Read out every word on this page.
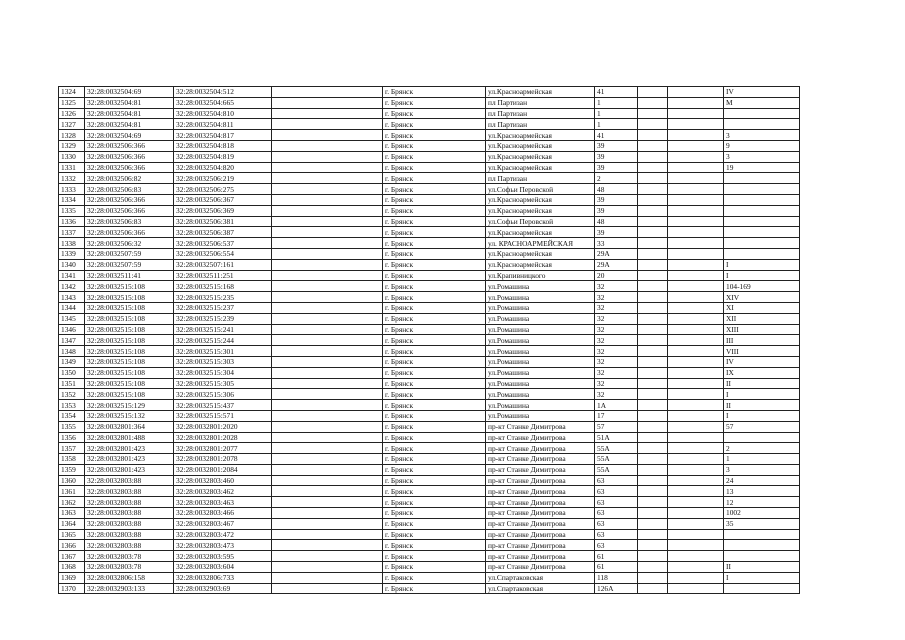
1324	32:28:0032504:69	32:28:0032504:512		г. Брянск	ул.Красноармейская	41			IV
1325	32:28:0032504:81	32:28:0032504:665		г. Брянск	пл Партизан	1			М
1326	32:28:0032504:81	32:28:0032504:810		г. Брянск	пл Партизан	1			
1327	32:28:0032504:81	32:28:0032504:811		г. Брянск	пл Партизан	1			
1328	32:28:0032504:69	32:28:0032504:817		г. Брянск	ул.Красноармейская	41			3
1329	32:28:0032506:366	32:28:0032504:818		г. Брянск	ул.Красноармейская	39			9
1330	32:28:0032506:366	32:28:0032504:819		г. Брянск	ул.Красноармейская	39			3
1331	32:28:0032506:366	32:28:0032504:820		г. Брянск	ул.Красноармейская	39			19
1332	32:28:0032506:82	32:28:0032506:219		г. Брянск	пл Партизан	2			
1333	32:28:0032506:83	32:28:0032506:275		г. Брянск	ул.Софьи Перовской	48			
1334	32:28:0032506:366	32:28:0032506:367		г. Брянск	ул.Красноармейская	39			
1335	32:28:0032506:366	32:28:0032506:369		г. Брянск	ул.Красноармейская	39			
1336	32:28:0032506:83	32:28:0032506:381		г. Брянск	ул.Софьи Перовской	48			
1337	32:28:0032506:366	32:28:0032506:387		г. Брянск	ул.Красноармейская	39			
1338	32:28:0032506:32	32:28:0032506:537		г. Брянск	ул. КРАСНОАРМЕЙСКАЯ	33			
1339	32:28:0032507:59	32:28:0032506:554		г. Брянск	ул.Красноармейская	29А			
1340	32:28:0032507:59	32:28:0032507:161		г. Брянск	ул.Красноармейская	29А			I
1341	32:28:0032511:41	32:28:0032511:251		г. Брянск	ул.Крапивницкого	20			I
1342	32:28:0032515:108	32:28:0032515:168		г. Брянск	ул.Ромашина	32			104-169
1343	32:28:0032515:108	32:28:0032515:235		г. Брянск	ул.Ромашина	32			XIV
1344	32:28:0032515:108	32:28:0032515:237		г. Брянск	ул.Ромашина	32			XI
1345	32:28:0032515:108	32:28:0032515:239		г. Брянск	ул.Ромашина	32			XII
1346	32:28:0032515:108	32:28:0032515:241		г. Брянск	ул.Ромашина	32			XIII
1347	32:28:0032515:108	32:28:0032515:244		г. Брянск	ул.Ромашина	32			III
1348	32:28:0032515:108	32:28:0032515:301		г. Брянск	ул.Ромашина	32			VIII
1349	32:28:0032515:108	32:28:0032515:303		г. Брянск	ул.Ромашина	32			IV
1350	32:28:0032515:108	32:28:0032515:304		г. Брянск	ул.Ромашина	32			IX
1351	32:28:0032515:108	32:28:0032515:305		г. Брянск	ул.Ромашина	32			II
1352	32:28:0032515:108	32:28:0032515:306		г. Брянск	ул.Ромашина	32			I
1353	32:28:0032515:129	32:28:0032515:437		г. Брянск	ул.Ромашина	1А			II
1354	32:28:0032515:132	32:28:0032515:571		г. Брянск	ул.Ромашина	17			I
1355	32:28:0032801:364	32:28:0032801:2020		г. Брянск	пр-кт Станке Димитрова	57			57
1356	32:28:0032801:488	32:28:0032801:2028		г. Брянск	пр-кт Станке Димитрова	51А			
1357	32:28:0032801:423	32:28:0032801:2077		г. Брянск	пр-кт Станке Димитрова	55А			2
1358	32:28:0032801:423	32:28:0032801:2078		г. Брянск	пр-кт Станке Димитрова	55А			1
1359	32:28:0032801:423	32:28:0032801:2084		г. Брянск	пр-кт Станке Димитрова	55А			3
1360	32:28:0032803:88	32:28:0032803:460		г. Брянск	пр-кт Станке Димитрова	63			24
1361	32:28:0032803:88	32:28:0032803:462		г. Брянск	пр-кт Станке Димитрова	63			13
1362	32:28:0032803:88	32:28:0032803:463		г. Брянск	пр-кт Станке Димитрова	63			12
1363	32:28:0032803:88	32:28:0032803:466		г. Брянск	пр-кт Станке Димитрова	63			1002
1364	32:28:0032803:88	32:28:0032803:467		г. Брянск	пр-кт Станке Димитрова	63			35
1365	32:28:0032803:88	32:28:0032803:472		г. Брянск	пр-кт Станке Димитрова	63			
1366	32:28:0032803:88	32:28:0032803:473		г. Брянск	пр-кт Станке Димитрова	63			
1367	32:28:0032803:78	32:28:0032803:595		г. Брянск	пр-кт Станке Димитрова	61			
1368	32:28:0032803:78	32:28:0032803:604		г. Брянск	пр-кт Станке Димитрова	61			II
1369	32:28:0032806:158	32:28:0032806:733		г. Брянск	ул.Спартаковская	118			I
1370	32:28:0032903:133	32:28:0032903:69		г. Брянск	ул.Спартаковская	126А			
